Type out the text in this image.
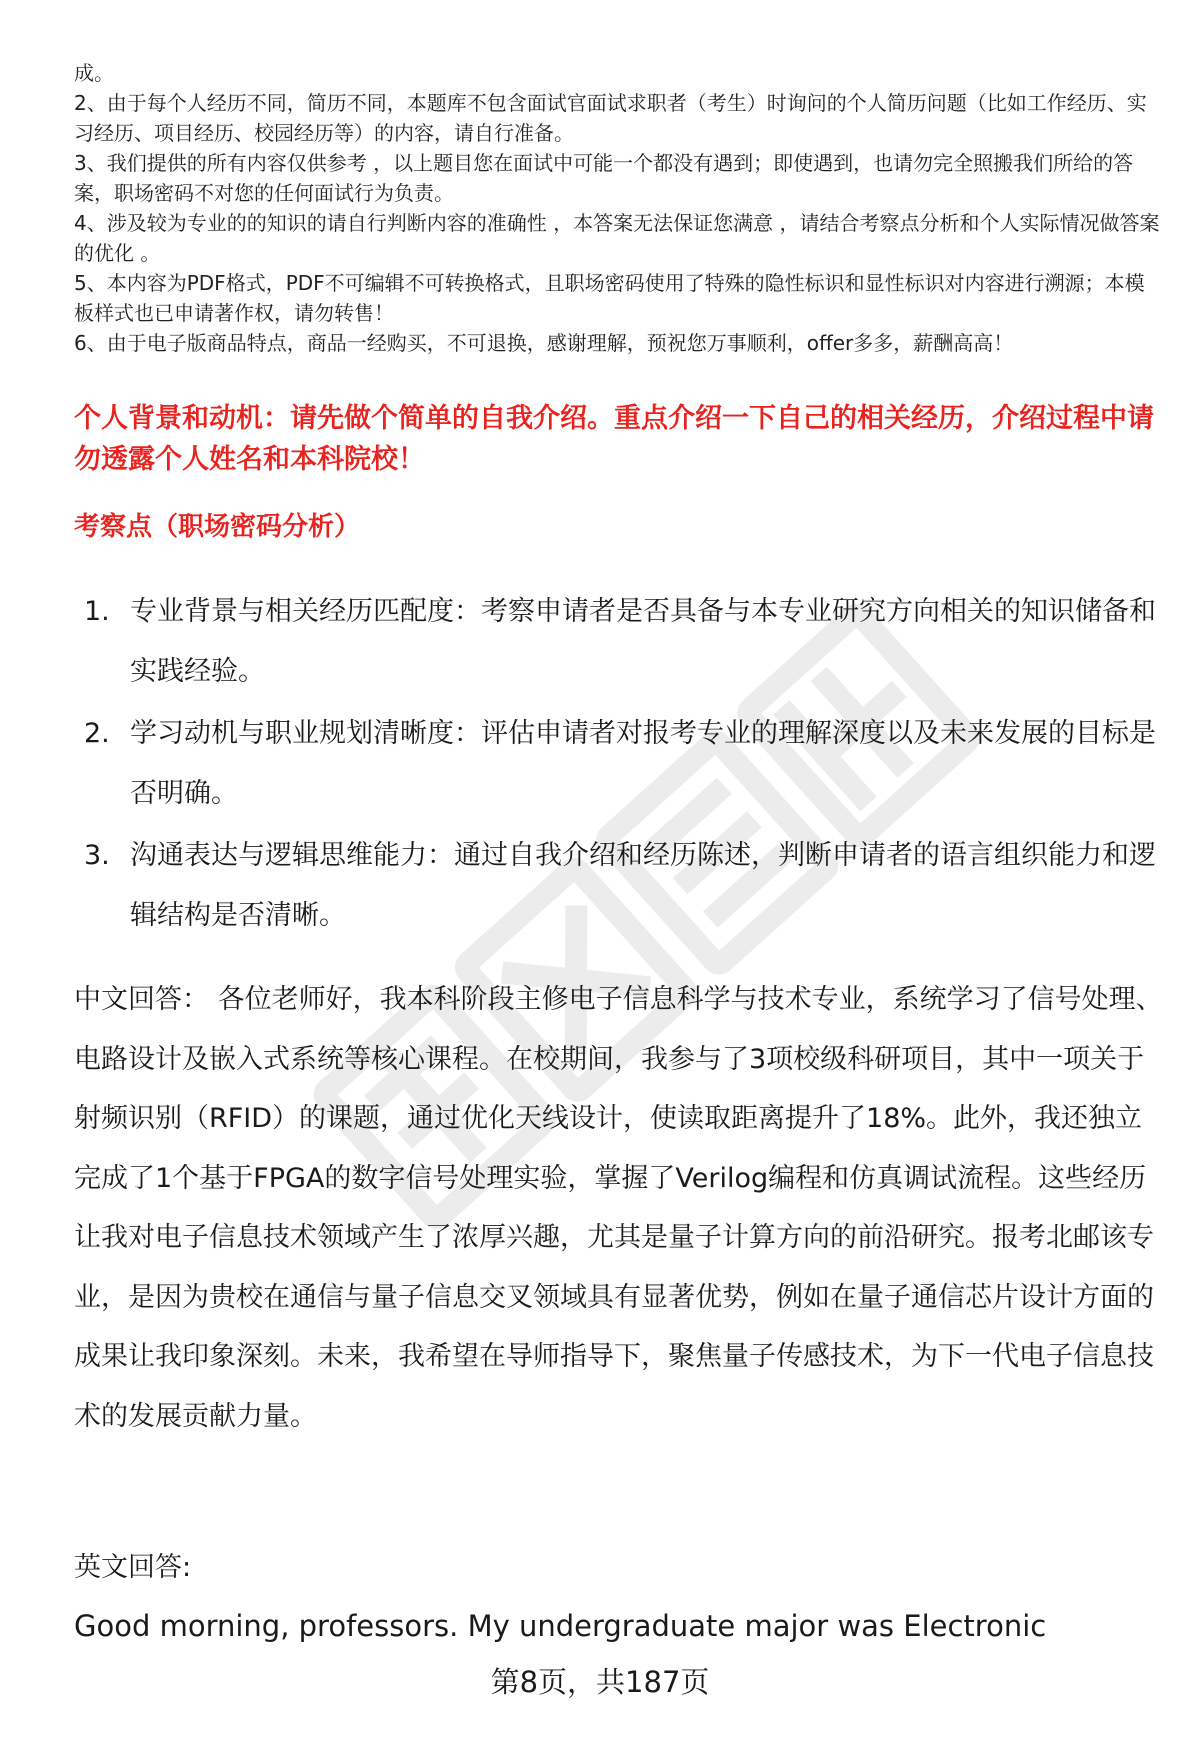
成。

2、由于每个人经历不同，简历不同，本题库不包含面试官面试求职者（考生）时询问的个人简历问题（比如工作经历、实习经历、项目经历、校园经历等）的内容，请自行准备。

3、我们提供的所有内容仅供参考 ，以上题目您在面试中可能一个都没有遇到；即使遇到，也请勿完全照搬我们所给的答案，职场密码不对您的任何面试行为负责。

4、涉及较为专业的的知识的请自行判断内容的准确性 ，本答案无法保证您满意 ，请结合考察点分析和个人实际情况做答案的优化 。

5、本内容为PDF格式，PDF不可编辑不可转换格式，且职场密码使用了特殊的隐性标识和显性标识对内容进行溯源；本模板样式也已申请著作权，请勿转售！

6、由于电子版商品特点，商品一经购买，不可退换，感谢理解，预祝您万事顺利，offer多多，薪酬高高！

个人背景和动机：请先做个简单的自我介绍。重点介绍一下自己的相关经历，介绍过程中请勿透露个人姓名和本科院校！

考察点（职场密码分析）

1. 专业背景与相关经历匹配度：考察申请者是否具备与本专业研究方向相关的知识储备和实践经验。
2. 学习动机与职业规划清晰度：评估申请者对报考专业的理解深度以及未来发展的目标是否明确。
3. 沟通表达与逻辑思维能力：通过自我介绍和经历陈述，判断申请者的语言组织能力和逻辑结构是否清晰。

中文回答： 各位老师好，我本科阶段主修电子信息科学与技术专业，系统学习了信号处理、电路设计及嵌入式系统等核心课程。在校期间，我参与了3项校级科研项目，其中一项关于射频识别（RFID）的课题，通过优化天线设计，使读取距离提升了18%。此外，我还独立完成了1个基于FPGA的数字信号处理实验，掌握了Verilog编程和仿真调试流程。这些经历让我对电子信息技术领域产生了浓厚兴趣，尤其是量子计算方向的前沿研究。报考北邮该专业，是因为贵校在通信与量子信息交叉领域具有显著优势，例如在量子通信芯片设计方面的成果让我印象深刻。未来，我希望在导师指导下，聚焦量子传感技术，为下一代电子信息技术的发展贡献力量。

英文回答:

Good morning, professors. My undergraduate major was Electronic

第8页，共187页
